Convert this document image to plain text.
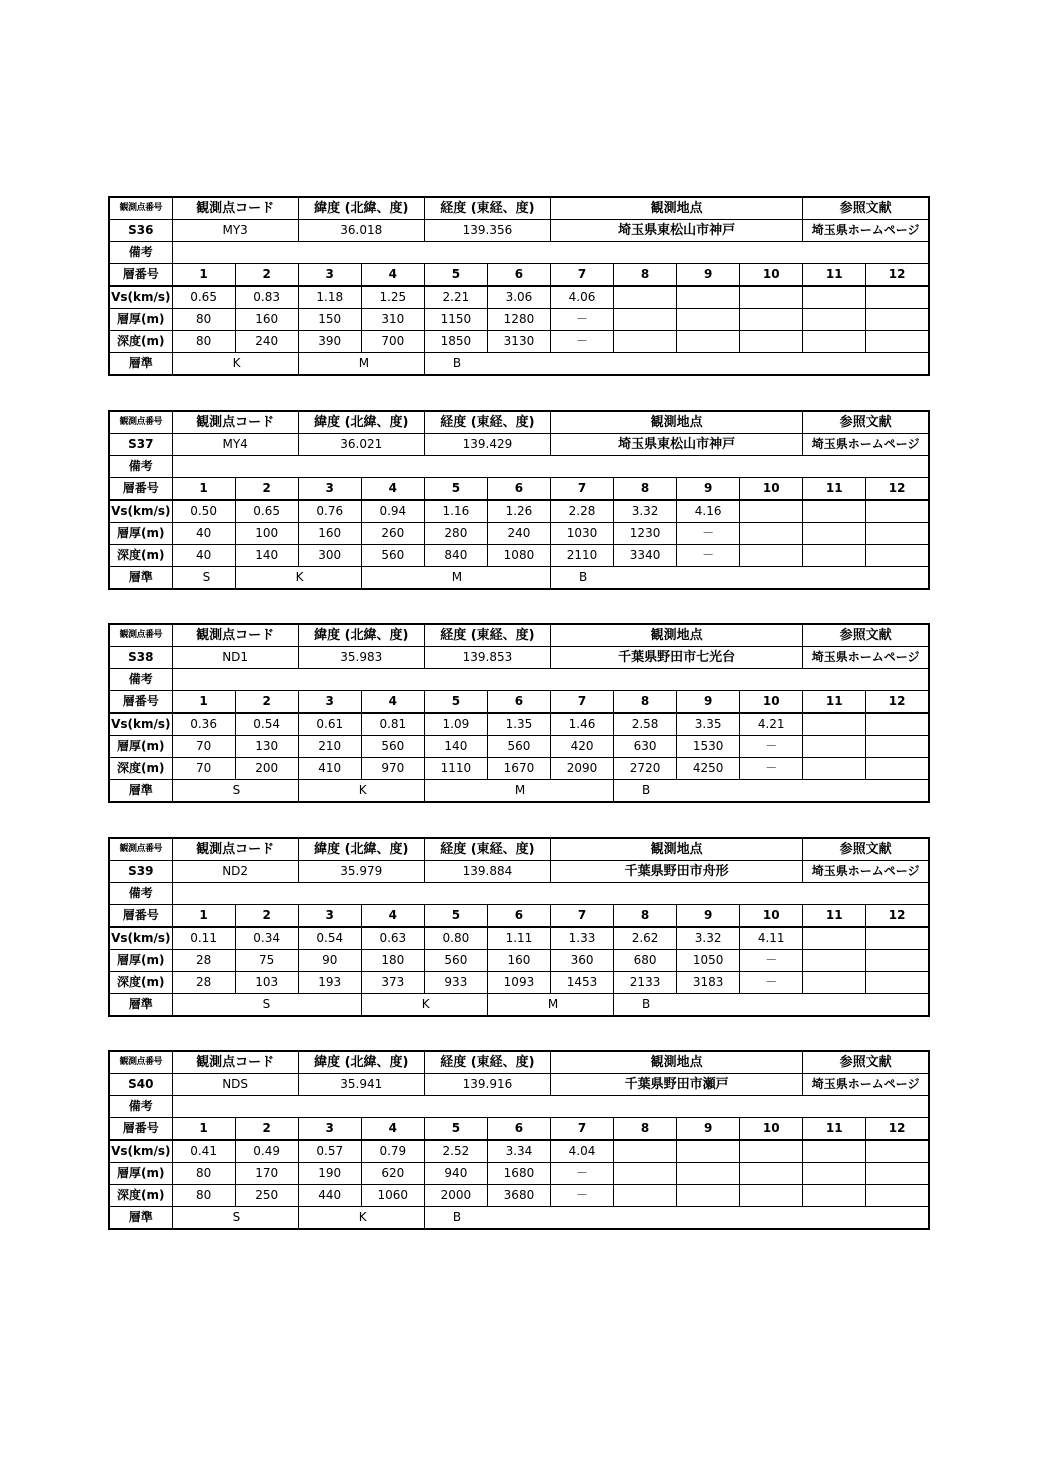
観測点番号	観測点コード		緯度 (北緯、度)		経度 (東経、度)		観測地点				参照文献	
S36	MY3		36.018		139.356		埼玉県東松山市神戸				埼玉県ホームページ	
備考												
層番号	1	2	3	4	5	6	7	8	9	10	11	12
Vs(km/s)	0.65	0.83	1.18	1.25	2.21	3.06	4.06					
層厚(m)	80	160	150	310	1150	1280	－					
深度(m)	80	240	390	700	1850	3130	－					
層準	K		M		B							
観測点番号	観測点コード		緯度 (北緯、度)		経度 (東経、度)		観測地点				参照文献	
S37	MY4		36.021		139.429		埼玉県東松山市神戸				埼玉県ホームページ	
備考												
層番号	1	2	3	4	5	6	7	8	9	10	11	12
Vs(km/s)	0.50	0.65	0.76	0.94	1.16	1.26	2.28	3.32	4.16			
層厚(m)	40	100	160	260	280	240	1030	1230	－			
深度(m)	40	140	300	560	840	1080	2110	3340	－			
層準	S	K		M			B					
観測点番号	観測点コード		緯度 (北緯、度)		経度 (東経、度)		観測地点				参照文献	
S38	ND1		35.983		139.853		千葉県野田市七光台				埼玉県ホームページ	
備考												
層番号	1	2	3	4	5	6	7	8	9	10	11	12
Vs(km/s)	0.36	0.54	0.61	0.81	1.09	1.35	1.46	2.58	3.35	4.21		
層厚(m)	70	130	210	560	140	560	420	630	1530	－		
深度(m)	70	200	410	970	1110	1670	2090	2720	4250	－		
層準	S		K		M			B				
観測点番号	観測点コード		緯度 (北緯、度)		経度 (東経、度)		観測地点				参照文献	
S39	ND2		35.979		139.884		千葉県野田市舟形				埼玉県ホームページ	
備考												
層番号	1	2	3	4	5	6	7	8	9	10	11	12
Vs(km/s)	0.11	0.34	0.54	0.63	0.80	1.11	1.33	2.62	3.32	4.11		
層厚(m)	28	75	90	180	560	160	360	680	1050	－		
深度(m)	28	103	193	373	933	1093	1453	2133	3183	－		
層準	S			K		M		B				
観測点番号	観測点コード		緯度 (北緯、度)		経度 (東経、度)		観測地点				参照文献	
S40	NDS		35.941		139.916		千葉県野田市瀬戸				埼玉県ホームページ	
備考												
層番号	1	2	3	4	5	6	7	8	9	10	11	12
Vs(km/s)	0.41	0.49	0.57	0.79	2.52	3.34	4.04					
層厚(m)	80	170	190	620	940	1680	－					
深度(m)	80	250	440	1060	2000	3680	－					
層準	S		K		B							
